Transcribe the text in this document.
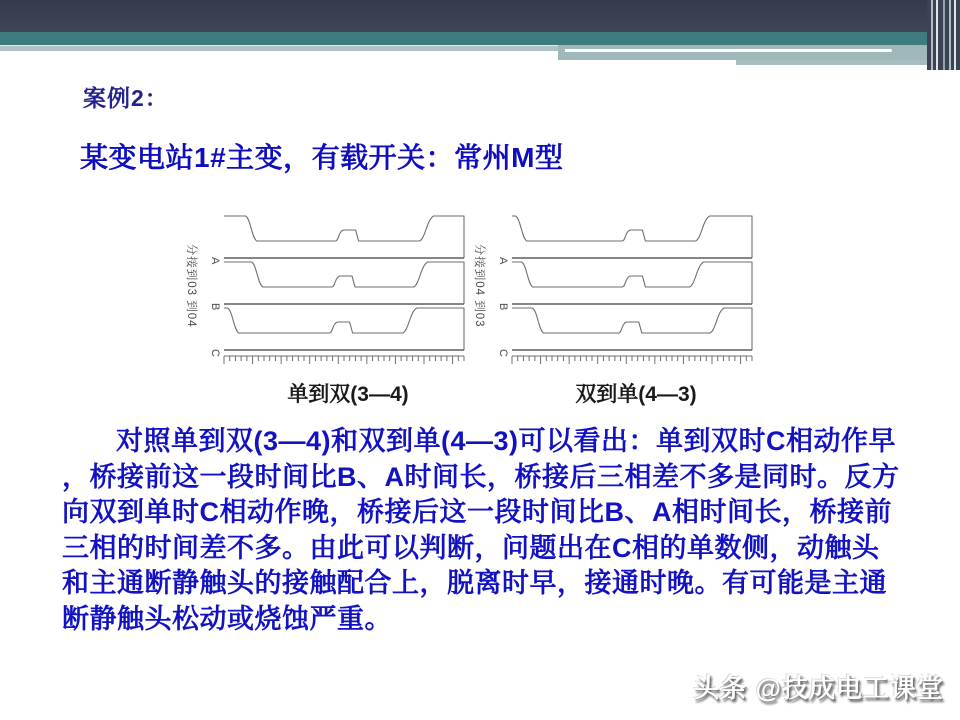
案例2：
某变电站1#主变，有载开关：常州M型
分接到03 到04 A
B
C
单到双(3—4)
分接到04 到03 A
B
C
双到单(4—3)
对照单到双(3—4)和双到单(4—3)可以看出：单到双时C相动作早
，桥接前这一段时间比B、A时间长，桥接后三相差不多是同时。反方
向双到单时C相动作晚，桥接后这一段时间比B、A相时间长，桥接前
三相的时间差不多。由此可以判断，问题出在C相的单数侧，动触头
和主通断静触头的接触配合上，脱离时早，接通时晚。有可能是主通
断静触头松动或烧蚀严重。
头条 @技成电工课堂
